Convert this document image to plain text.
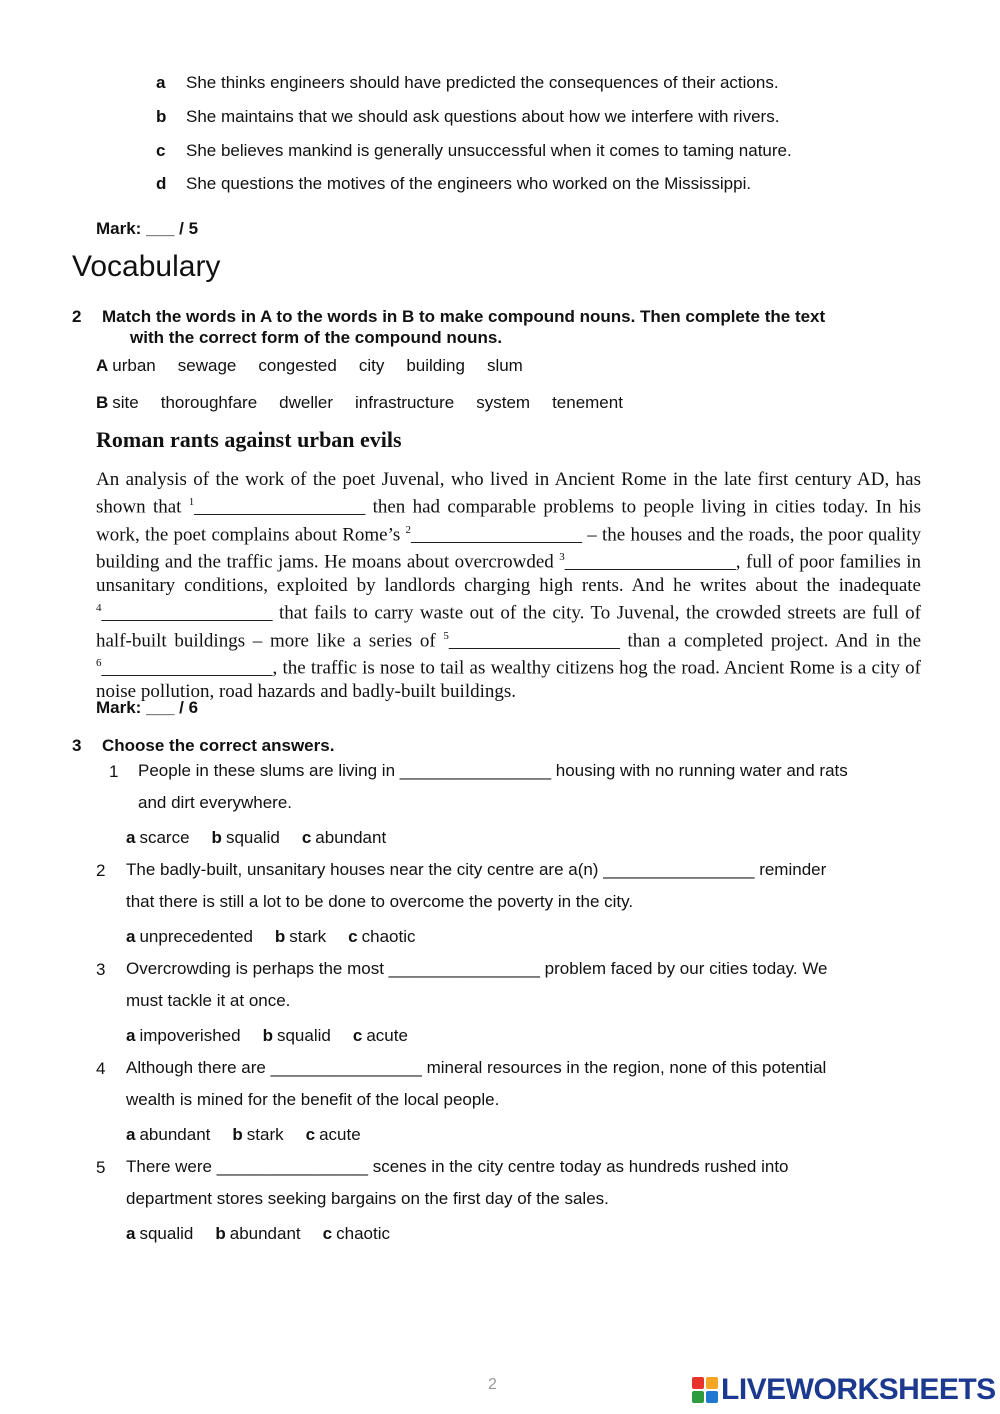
a She thinks engineers should have predicted the consequences of their actions.
b She maintains that we should ask questions about how we interfere with rivers.
c She believes mankind is generally unsuccessful when it comes to taming nature.
d She questions the motives of the engineers who worked on the Mississippi.
Mark: ___ / 5
Vocabulary
2 Match the words in A to the words in B to make compound nouns. Then complete the text
with the correct form of the compound nouns.
A urban sewage congested city building slum
B site thoroughfare dweller infrastructure system tenement
Roman rants against urban evils
An analysis of the work of the poet Juvenal, who lived in Ancient Rome in the late first century AD, has shown that $^1$__________________ then had comparable problems to people living in cities today. In his work, the poet complains about Rome’s $^2$__________________ – the houses and the roads, the poor quality building and the traffic jams. He moans about overcrowded $^3$__________________, full of poor families in unsanitary conditions, exploited by landlords charging high rents. And he writes about the inadequate $^4$__________________ that fails to carry waste out of the city. To Juvenal, the crowded streets are full of half-built buildings – more like a series of $^5$__________________ than a completed project. And in the $^6$__________________, the traffic is nose to tail as wealthy citizens hog the road. Ancient Rome is a city of noise pollution, road hazards and badly-built buildings.
Mark: ___ / 6
3 Choose the correct answers.
1 People in these slums are living in ________________ housing with no running water and rats
and dirt everywhere.
a scarce b squalid c abundant
2 The badly-built, unsanitary houses near the city centre are a(n) ________________ reminder
that there is still a lot to be done to overcome the poverty in the city.
a unprecedented b stark c chaotic
3 Overcrowding is perhaps the most ________________ problem faced by our cities today. We
must tackle it at once.
a impoverished b squalid c acute
4 Although there are ________________ mineral resources in the region, none of this potential
wealth is mined for the benefit of the local people.
a abundant b stark c acute
5 There were ________________ scenes in the city centre today as hundreds rushed into
department stores seeking bargains on the first day of the sales.
a squalid b abundant c chaotic
2	LIVEWORKSHEETS
